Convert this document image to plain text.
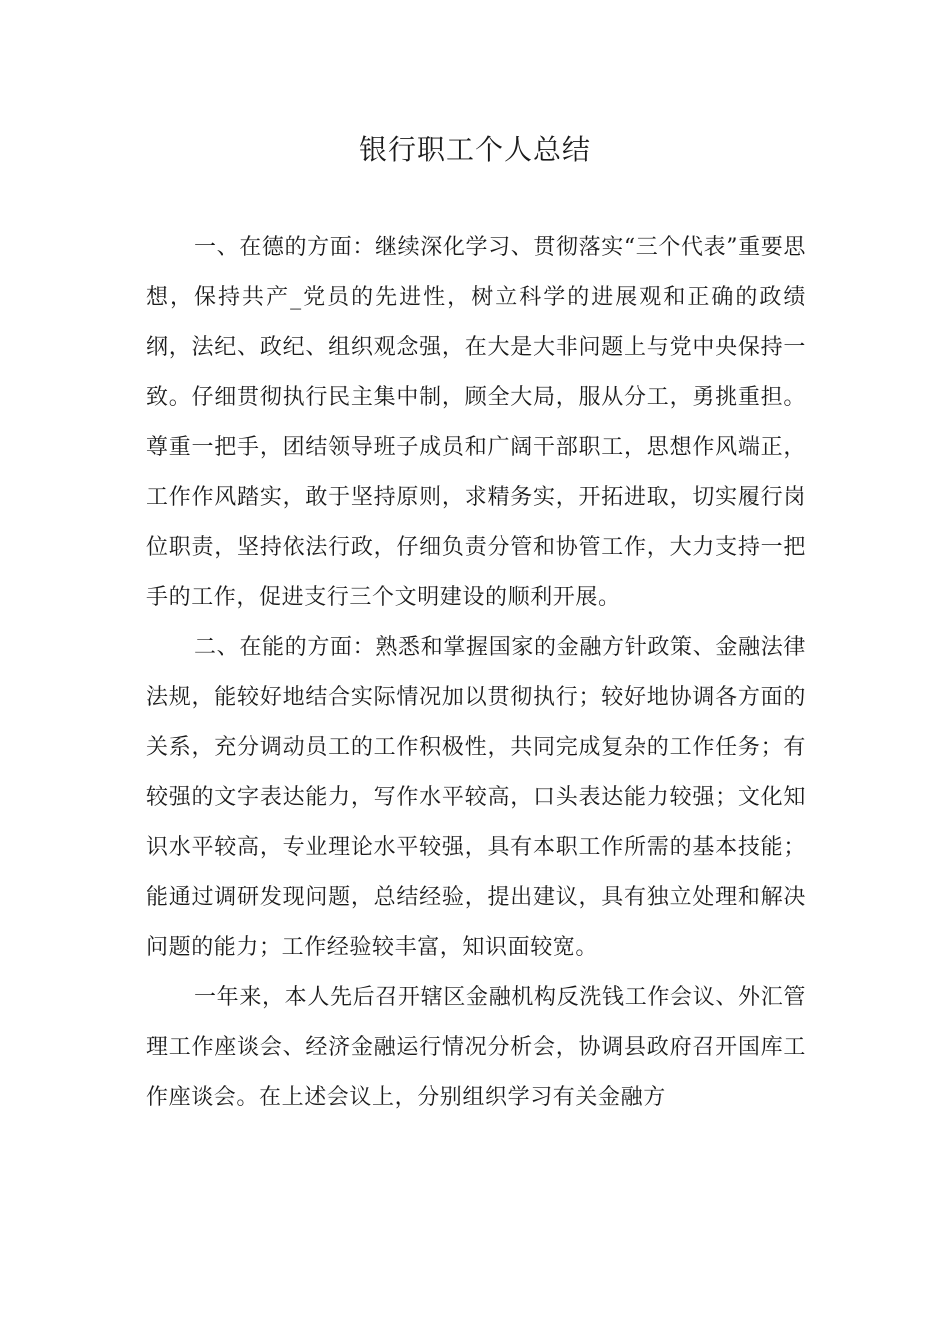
银行职工个人总结

一、在德的方面：继续深化学习、贯彻落实“三个代表”重要思想，保持共产_党员的先进性，树立科学的进展观和正确的政绩纲，法纪、政纪、组织观念强，在大是大非问题上与党中央保持一致。仔细贯彻执行民主集中制，顾全大局，服从分工，勇挑重担。尊重一把手，团结领导班子成员和广阔干部职工，思想作风端正，工作作风踏实，敢于坚持原则，求精务实，开拓进取，切实履行岗位职责，坚持依法行政，仔细负责分管和协管工作，大力支持一把手的工作，促进支行三个文明建设的顺利开展。

二、在能的方面：熟悉和掌握国家的金融方针政策、金融法律法规，能较好地结合实际情况加以贯彻执行；较好地协调各方面的关系，充分调动员工的工作积极性，共同完成复杂的工作任务；有较强的文字表达能力，写作水平较高，口头表达能力较强；文化知识水平较高，专业理论水平较强，具有本职工作所需的基本技能；能通过调研发现问题，总结经验，提出建议，具有独立处理和解决问题的能力；工作经验较丰富，知识面较宽。

一年来，本人先后召开辖区金融机构反洗钱工作会议、外汇管理工作座谈会、经济金融运行情况分析会，协调县政府召开国库工作座谈会。在上述会议上，分别组织学习有关金融方
